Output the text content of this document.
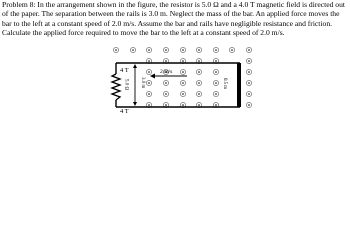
Problem 8: In the arrangement shown in the figure, the resistor is 5.0 Ω and a 4.0 T magnetic field is directed out of the paper. The separation between the rails is 3.0 m. Neglect the mass of the bar. An applied force moves the bar to the left at a constant speed of 2.0 m/s. Assume the bar and rails have negligible resistance and friction. Calculate the applied force required to move the bar to the left at a constant speed of 2.0 m/s.

4 T
4 T
5.0 Ω 3.0 m
2 m/s
0.5 m
